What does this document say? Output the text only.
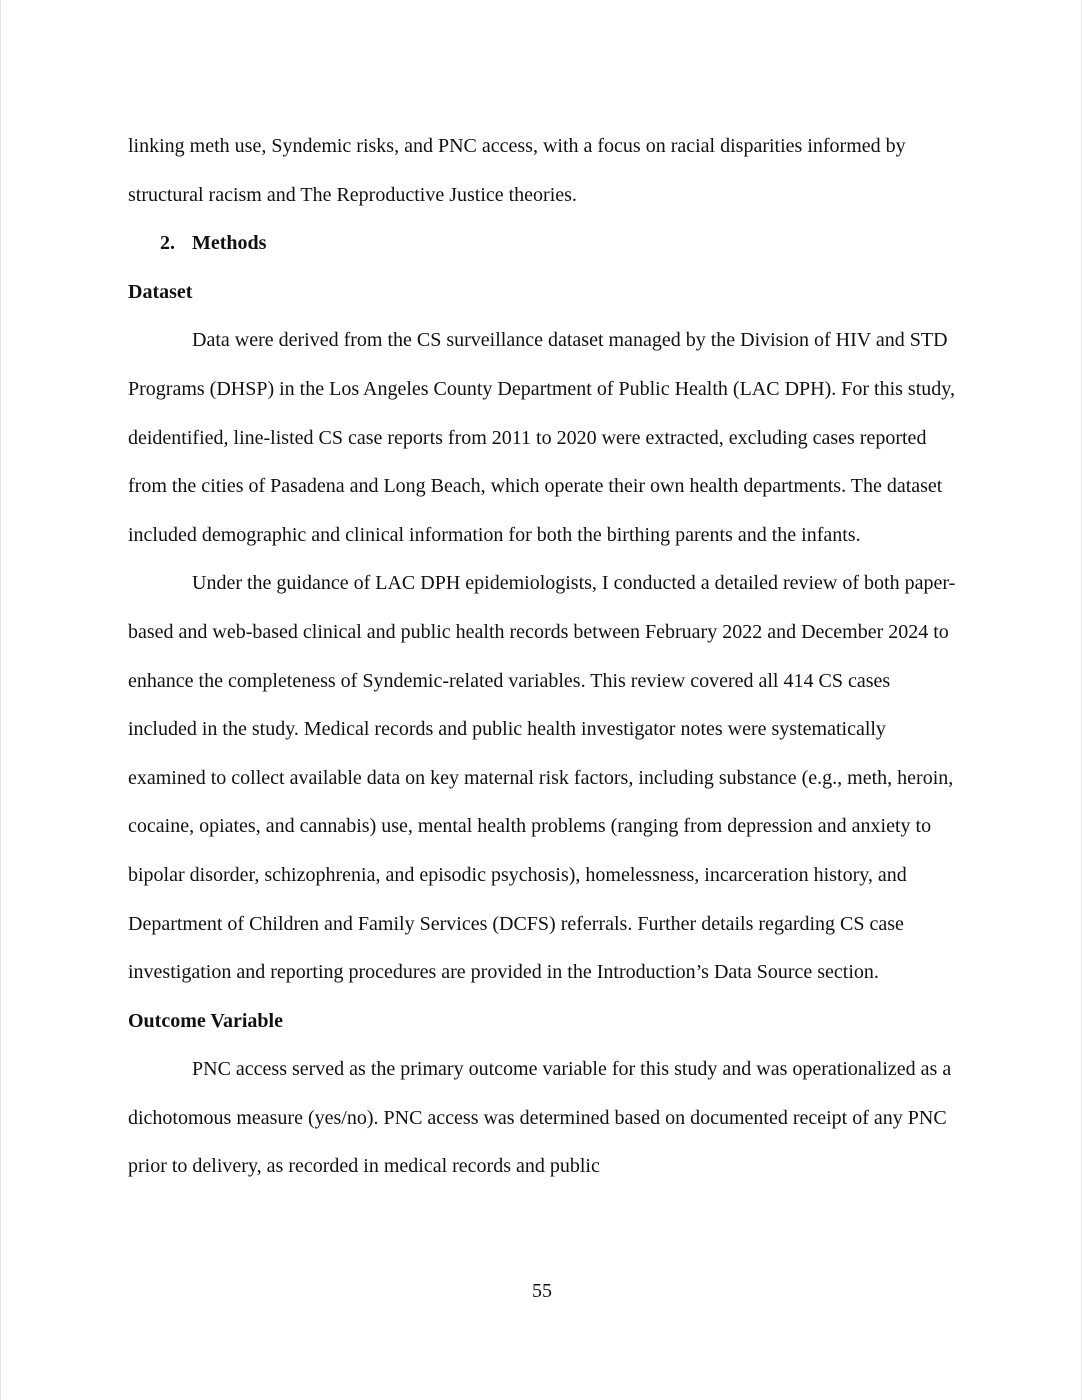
linking meth use, Syndemic risks, and PNC access, with a focus on racial disparities informed by structural racism and The Reproductive Justice theories.

2. Methods
Dataset

Data were derived from the CS surveillance dataset managed by the Division of HIV and STD Programs (DHSP) in the Los Angeles County Department of Public Health (LAC DPH). For this study, deidentified, line-listed CS case reports from 2011 to 2020 were extracted, excluding cases reported from the cities of Pasadena and Long Beach, which operate their own health departments. The dataset included demographic and clinical information for both the birthing parents and the infants.

Under the guidance of LAC DPH epidemiologists, I conducted a detailed review of both paper-based and web-based clinical and public health records between February 2022 and December 2024 to enhance the completeness of Syndemic-related variables. This review covered all 414 CS cases included in the study. Medical records and public health investigator notes were systematically examined to collect available data on key maternal risk factors, including substance (e.g., meth, heroin, cocaine, opiates, and cannabis) use, mental health problems (ranging from depression and anxiety to bipolar disorder, schizophrenia, and episodic psychosis), homelessness, incarceration history, and Department of Children and Family Services (DCFS) referrals. Further details regarding CS case investigation and reporting procedures are provided in the Introduction’s Data Source section.

Outcome Variable

PNC access served as the primary outcome variable for this study and was operationalized as a dichotomous measure (yes/no). PNC access was determined based on documented receipt of any PNC prior to delivery, as recorded in medical records and public

55
